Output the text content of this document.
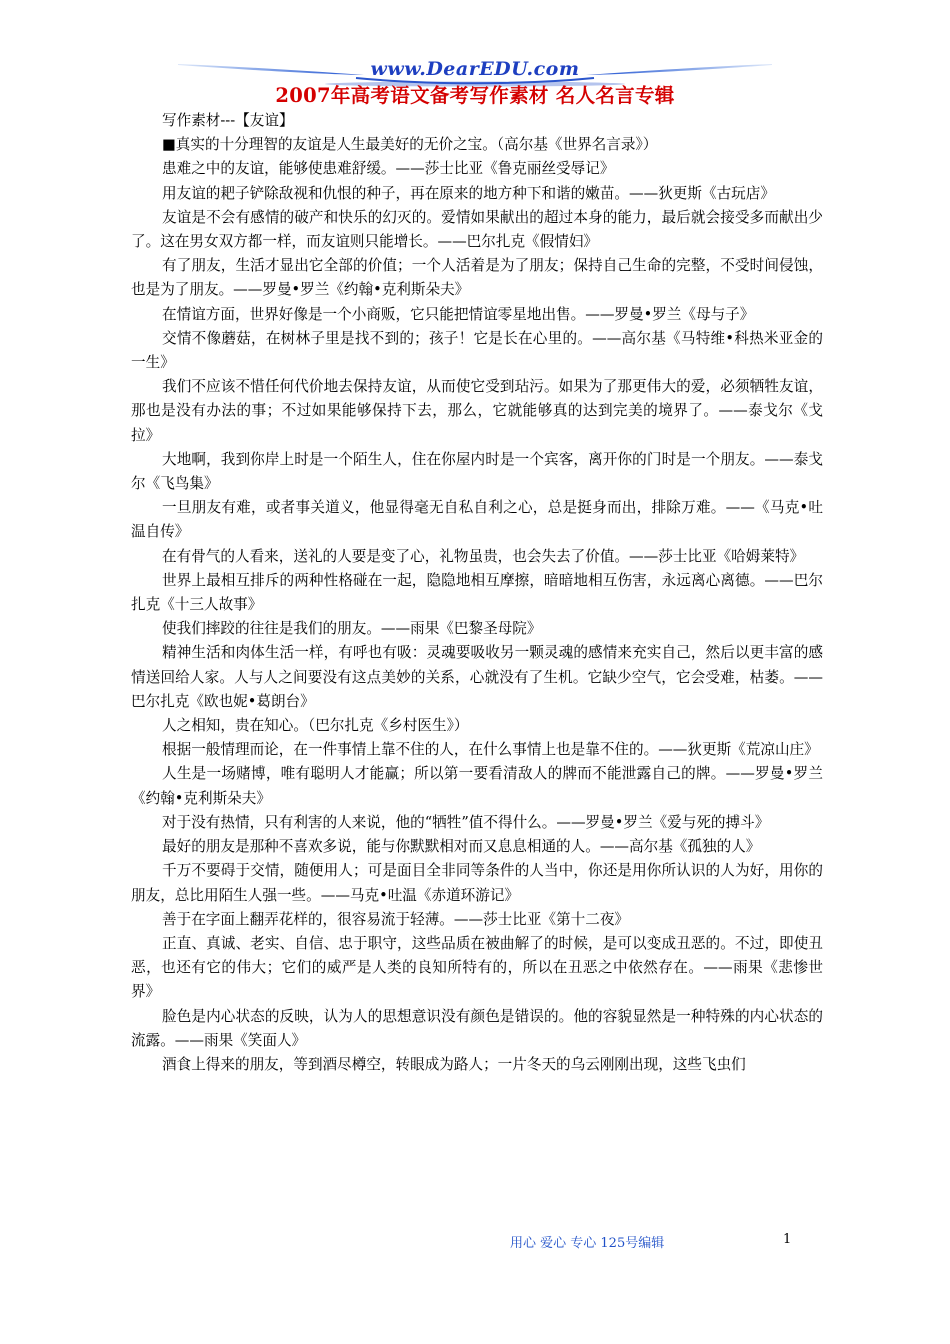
www.DearEDU.com
2007年高考语文备考写作素材 名人名言专辑

写作素材---【友谊】

■真实的十分理智的友谊是人生最美好的无价之宝。（高尔基《世界名言录》）

患难之中的友谊，能够使患难舒缓。——莎士比亚《鲁克丽丝受辱记》

用友谊的耙子铲除敌视和仇恨的种子，再在原来的地方种下和谐的嫩苗。——狄更斯《古玩店》

友谊是不会有感情的破产和快乐的幻灭的。爱情如果献出的超过本身的能力，最后就会接受多而献出少了。这在男女双方都一样，而友谊则只能增长。——巴尔扎克《假情妇》

有了朋友，生活才显出它全部的价值；一个人活着是为了朋友；保持自己生命的完整，不受时间侵蚀，也是为了朋友。——罗曼•罗兰《约翰•克利斯朵夫》

在情谊方面，世界好像是一个小商贩，它只能把情谊零星地出售。——罗曼•罗兰《母与子》

交情不像蘑菇，在树林子里是找不到的；孩子！它是长在心里的。——高尔基《马特维•科热米亚金的一生》

我们不应该不惜任何代价地去保持友谊，从而使它受到玷污。如果为了那更伟大的爱，必须牺牲友谊，那也是没有办法的事；不过如果能够保持下去，那么，它就能够真的达到完美的境界了。——泰戈尔《戈拉》

大地啊，我到你岸上时是一个陌生人，住在你屋内时是一个宾客，离开你的门时是一个朋友。——泰戈尔《飞鸟集》

一旦朋友有难，或者事关道义，他显得毫无自私自利之心，总是挺身而出，排除万难。——《马克•吐温自传》

在有骨气的人看来，送礼的人要是变了心，礼物虽贵，也会失去了价值。——莎士比亚《哈姆莱特》

世界上最相互排斥的两种性格碰在一起，隐隐地相互摩擦，暗暗地相互伤害，永远离心离德。——巴尔扎克《十三人故事》

使我们摔跤的往往是我们的朋友。——雨果《巴黎圣母院》

精神生活和肉体生活一样，有呼也有吸：灵魂要吸收另一颗灵魂的感情来充实自己，然后以更丰富的感情送回给人家。人与人之间要没有这点美妙的关系，心就没有了生机。它缺少空气，它会受难，枯萎。——巴尔扎克《欧也妮•葛朗台》

人之相知，贵在知心。（巴尔扎克《乡村医生》）

根据一般情理而论，在一件事情上靠不住的人，在什么事情上也是靠不住的。——狄更斯《荒凉山庄》

人生是一场赌博，唯有聪明人才能赢；所以第一要看清敌人的牌而不能泄露自己的牌。——罗曼•罗兰《约翰•克利斯朵夫》

对于没有热情，只有利害的人来说，他的“牺牲”值不得什么。——罗曼•罗兰《爱与死的搏斗》

最好的朋友是那种不喜欢多说，能与你默默相对而又息息相通的人。——高尔基《孤独的人》

千万不要碍于交情，随便用人；可是面目全非同等条件的人当中，你还是用你所认识的人为好，用你的朋友，总比用陌生人强一些。——马克•吐温《赤道环游记》

善于在字面上翻弄花样的，很容易流于轻薄。——莎士比亚《第十二夜》

正直、真诚、老实、自信、忠于职守，这些品质在被曲解了的时候，是可以变成丑恶的。不过，即使丑恶，也还有它的伟大；它们的威严是人类的良知所特有的，所以在丑恶之中依然存在。——雨果《悲惨世界》

脸色是内心状态的反映，认为人的思想意识没有颜色是错误的。他的容貌显然是一种特殊的内心状态的流露。——雨果《笑面人》

酒食上得来的朋友，等到酒尽樽空，转眼成为路人；一片冬天的乌云刚刚出现，这些飞虫们

用心 爱心 专心 125号编辑	1
